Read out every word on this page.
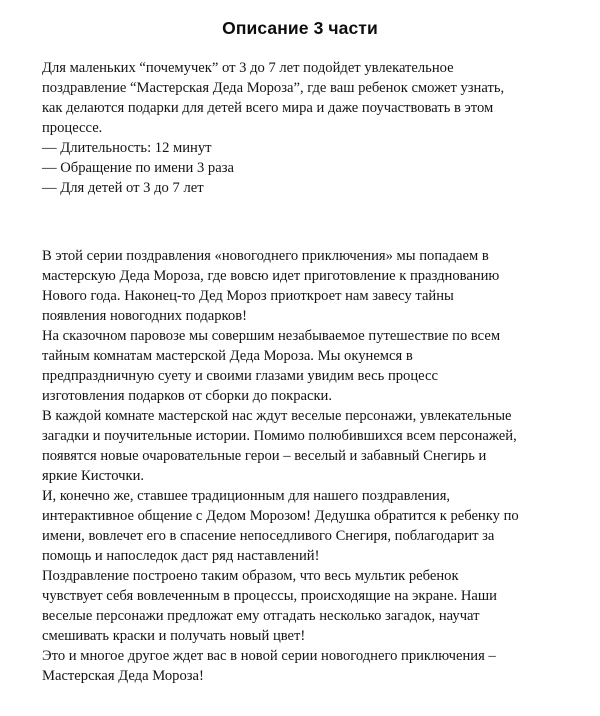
Описание 3 части

Для маленьких “почемучек” от 3 до 7 лет подойдет увлекательное
поздравление “Мастерская Деда Мороза”, где ваш ребенок сможет узнать,
как делаются подарки для детей всего мира и даже поучаствовать в этом
процессе.

— Длительность: 12 минут
— Обращение по имени 3 раза
— Для детей от 3 до 7 лет

В этой серии поздравления «новогоднего приключения» мы попадаем в
мастерскую Деда Мороза, где вовсю идет приготовление к празднованию
Нового года. Наконец-то Дед Мороз приоткроет нам завесу тайны
появления новогодних подарков!

На сказочном паровозе мы совершим незабываемое путешествие по всем
тайным комнатам мастерской Деда Мороза. Мы окунемся в
предпраздничную суету и своими глазами увидим весь процесс
изготовления подарков от сборки до покраски.

В каждой комнате мастерской нас ждут веселые персонажи, увлекательные
загадки и поучительные истории. Помимо полюбившихся всем персонажей,
появятся новые очаровательные герои – веселый и забавный Снегирь и
яркие Кисточки.

И, конечно же, ставшее традиционным для нашего поздравления,
интерактивное общение с Дедом Морозом! Дедушка обратится к ребенку по
имени, вовлечет его в спасение непоседливого Снегиря, поблагодарит за
помощь и напоследок даст ряд наставлений!

Поздравление построено таким образом, что весь мультик ребенок
чувствует себя вовлеченным в процессы, происходящие на экране. Наши
веселые персонажи предложат ему отгадать несколько загадок, научат
смешивать краски и получать новый цвет!

Это и многое другое ждет вас в новой серии новогоднего приключения –
Мастерская Деда Мороза!
